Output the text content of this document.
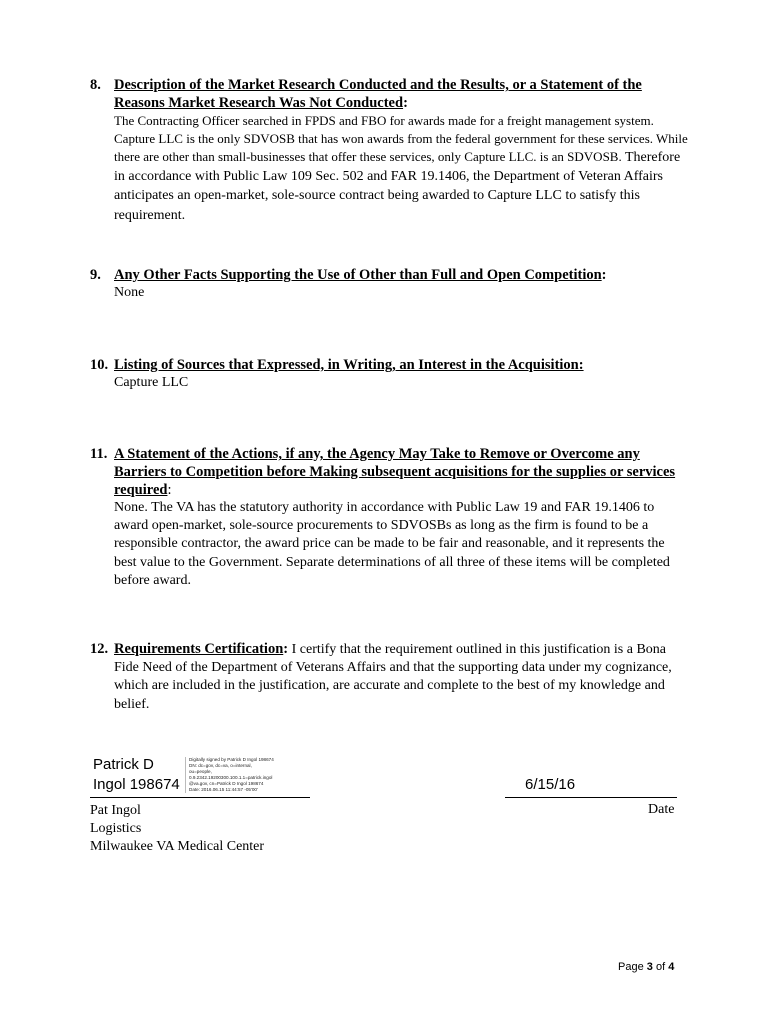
8. Description of the Market Research Conducted and the Results, or a Statement of the Reasons Market Research Was Not Conducted:
The Contracting Officer searched in FPDS and FBO for awards made for a freight management system. Capture LLC is the only SDVOSB that has won awards from the federal government for these services. While there are other than small-businesses that offer these services, only Capture LLC. is an SDVOSB. Therefore in accordance with Public Law 109 Sec. 502 and FAR 19.1406, the Department of Veteran Affairs anticipates an open-market, sole-source contract being awarded to Capture LLC to satisfy this requirement.
9. Any Other Facts Supporting the Use of Other than Full and Open Competition:
None
10. Listing of Sources that Expressed, in Writing, an Interest in the Acquisition:
Capture LLC
11. A Statement of the Actions, if any, the Agency May Take to Remove or Overcome any Barriers to Competition before Making subsequent acquisitions for the supplies or services required:
None. The VA has the statutory authority in accordance with Public Law 19 and FAR 19.1406 to award open-market, sole-source procurements to SDVOSBs as long as the firm is found to be a responsible contractor, the award price can be made to be fair and reasonable, and it represents the best value to the Government. Separate determinations of all three of these items will be completed before award.
12. Requirements Certification: I certify that the requirement outlined in this justification is a Bona Fide Need of the Department of Veterans Affairs and that the supporting data under my cognizance, which are included in the justification, are accurate and complete to the best of my knowledge and belief.
Patrick D
Ingol 198674
Digitally signed by Patrick D Ingol 198674
DN: dc=gov, dc=va, o=internal,
ou=people,
0.9.2342.19200300.100.1.1=patrick.ingol
@va.gov, cn=Patrick D Ingol 198674
Date: 2016.06.15 11:44:57 -05'00'	6/15/16
Date
Pat Ingol
Logistics
Milwaukee VA Medical Center
Page 3 of 4
